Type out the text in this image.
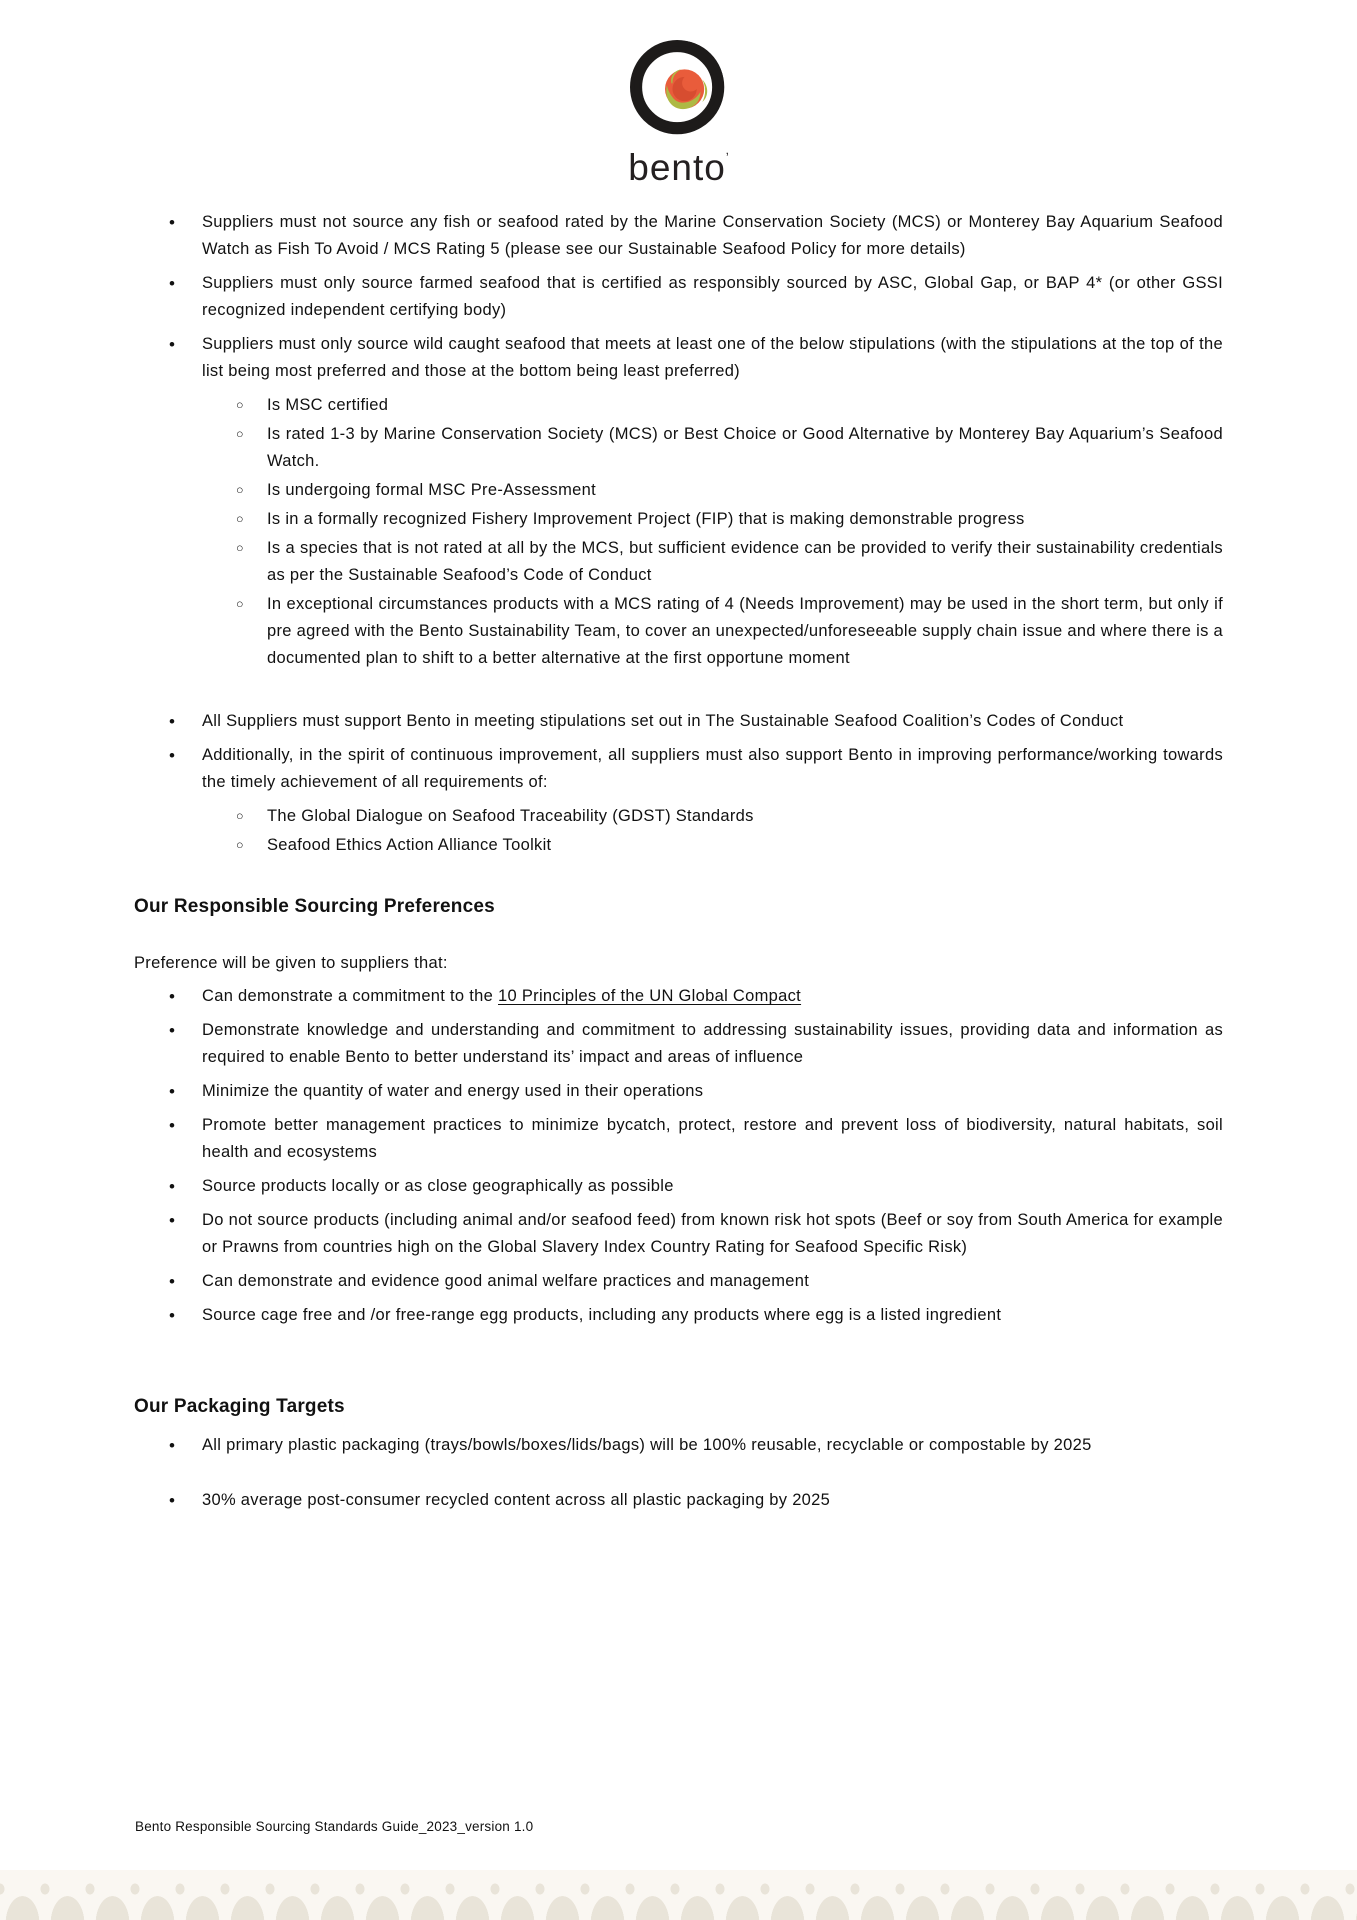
bento$^ʼ$
•	Suppliers must not source any fish or seafood rated by the Marine Conservation Society (MCS) or Monterey Bay Aquarium Seafood Watch as Fish To Avoid / MCS Rating 5 (please see our Sustainable Seafood Policy for more details)
•	Suppliers must only source farmed seafood that is certified as responsibly sourced by ASC, Global Gap, or BAP 4* (or other GSSI recognized independent certifying body)
•	Suppliers must only source wild caught seafood that meets at least one of the below stipulations (with the stipulations at the top of the list being most preferred and those at the bottom being least preferred)
○	Is MSC certified
○	Is rated 1-3 by Marine Conservation Society (MCS) or Best Choice or Good Alternative by Monterey Bay Aquarium’s Seafood Watch.
○	Is undergoing formal MSC Pre-Assessment
○	Is in a formally recognized Fishery Improvement Project (FIP) that is making demonstrable progress
○	Is a species that is not rated at all by the MCS, but sufficient evidence can be provided to verify their sustainability credentials as per the Sustainable Seafood’s Code of Conduct
○	In exceptional circumstances products with a MCS rating of 4 (Needs Improvement) may be used in the short term, but only if pre agreed with the Bento Sustainability Team, to cover an unexpected/unforeseeable supply chain issue and where there is a documented plan to shift to a better alternative at the first opportune moment
•	All Suppliers must support Bento in meeting stipulations set out in The Sustainable Seafood Coalition’s Codes of Conduct
•	Additionally, in the spirit of continuous improvement, all suppliers must also support Bento in improving performance/working towards the timely achievement of all requirements of:
○	The Global Dialogue on Seafood Traceability (GDST) Standards
○	Seafood Ethics Action Alliance Toolkit
Our Responsible Sourcing Preferences

Preference will be given to suppliers that:

•	Can demonstrate a commitment to the 10 Principles of the UN Global Compact
•	Demonstrate knowledge and understanding and commitment to addressing sustainability issues, providing data and information as required to enable Bento to better understand its’ impact and areas of influence
•	Minimize the quantity of water and energy used in their operations
•	Promote better management practices to minimize bycatch, protect, restore and prevent loss of biodiversity, natural habitats, soil health and ecosystems
•	Source products locally or as close geographically as possible
•	Do not source products (including animal and/or seafood feed) from known risk hot spots (Beef or soy from South America for example or Prawns from countries high on the Global Slavery Index Country Rating for Seafood Specific Risk)
•	Can demonstrate and evidence good animal welfare practices and management
•	Source cage free and /or free-range egg products, including any products where egg is a listed ingredient
Our Packaging Targets
•	All primary plastic packaging (trays/bowls/boxes/lids/bags) will be 100% reusable, recyclable or compostable by 2025
•	30% average post-consumer recycled content across all plastic packaging by 2025
Bento Responsible Sourcing Standards Guide_2023_version 1.0
